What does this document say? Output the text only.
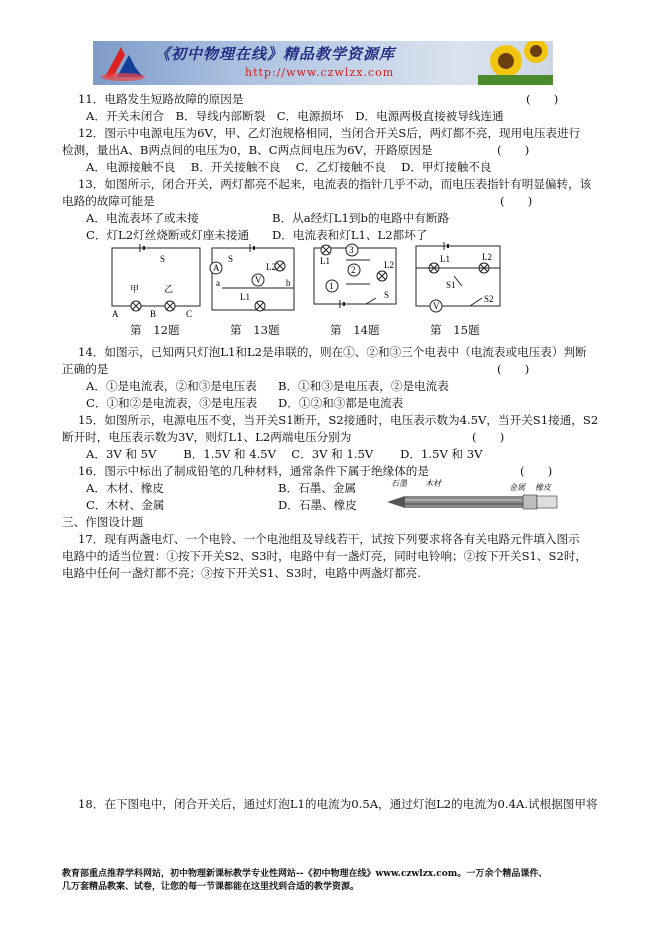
《初中物理在线》精品教学资源库
http://www.czwlzx.com
11．电路发生短路故障的原因是	(　　)
A．开关未闭合　B．导线内部断裂　C．电源损坏　D．电源两极直接被导线连通
12．图示中电源电压为6V，甲、乙灯泡规格相同，当闭合开关S后，两灯都不亮，现用电压表进行
检测，量出A、B两点间的电压为0，B、C两点间电压为6V，开路原因是	(　　)
A．电源接触不良　 B．开关接触不良　 C．乙灯接触不良　 D．甲灯接触不良
13．如图所示，闭合开关，两灯都亮不起来，电流表的指针几乎不动，而电压表指针有明显偏转，该
电路的故障可能是	(　　)
A．电流表坏了或未接	B．从a经灯L1到b的电路中有断路
C．灯L2灯丝烧断或灯座未接通 D．电流表和灯L1、L2都坏了
S
甲	乙
A	B	C
S
A
V
L2
a
L1
b
L1
3
2
1
L2
S
L1	L2
S1
V
S2
第　12题	第　13题	第　14题	第　15题
14．如图示，已知两只灯泡L1和L2是串联的，则在①、②和③三个电表中（电流表或电压表）判断
正确的是	(　　)
A．①是电流表，②和③是电压表 B．①和③是电压表，②是电流表
C．①和②是电流表，③是电压表 D．①②和③都是电流表
15．如图所示，电源电压不变，当开关S1断开，S2接通时，电压表示数为4.5V，当开关S1接通，S2
断开时，电压表示数为3V，则灯L1、L2两端电压分别为	(　　)
A．3V 和 5V　　 B．1.5V 和 4.5V　 C．3V 和 1.5V　　 D．1.5V 和 3V
16．图示中标出了制成铅笔的几种材料，通常条件下属于绝缘体的是	(　　)
A．木材、橡皮	B．石墨、金属
C．木材、金属	D．石墨、橡皮
石墨 木材	金属 橡皮
三、作图设计题
17．现有两盏电灯、一个电铃、一个电池组及导线若干，试按下列要求将各有关电路元件填入图示
电路中的适当位置：①按下开关S2、S3时，电路中有一盏灯亮，同时电铃响；②按下开关S1、S2时，
电路中任何一盏灯都不亮；③按下开关S1、S3时，电路中两盏灯都亮.
18．在下图电中，闭合开关后，通过灯泡L1的电流为0.5A，通过灯泡L2的电流为0.4A.试根据图甲将
教育部重点推荐学科网站，初中物理新课标教学专业性网站--《初中物理在线》www.czwlzx.com。一万余个精品课件、
几万套精品教案、试卷，让您的每一节课都能在这里找到合适的教学资源。
